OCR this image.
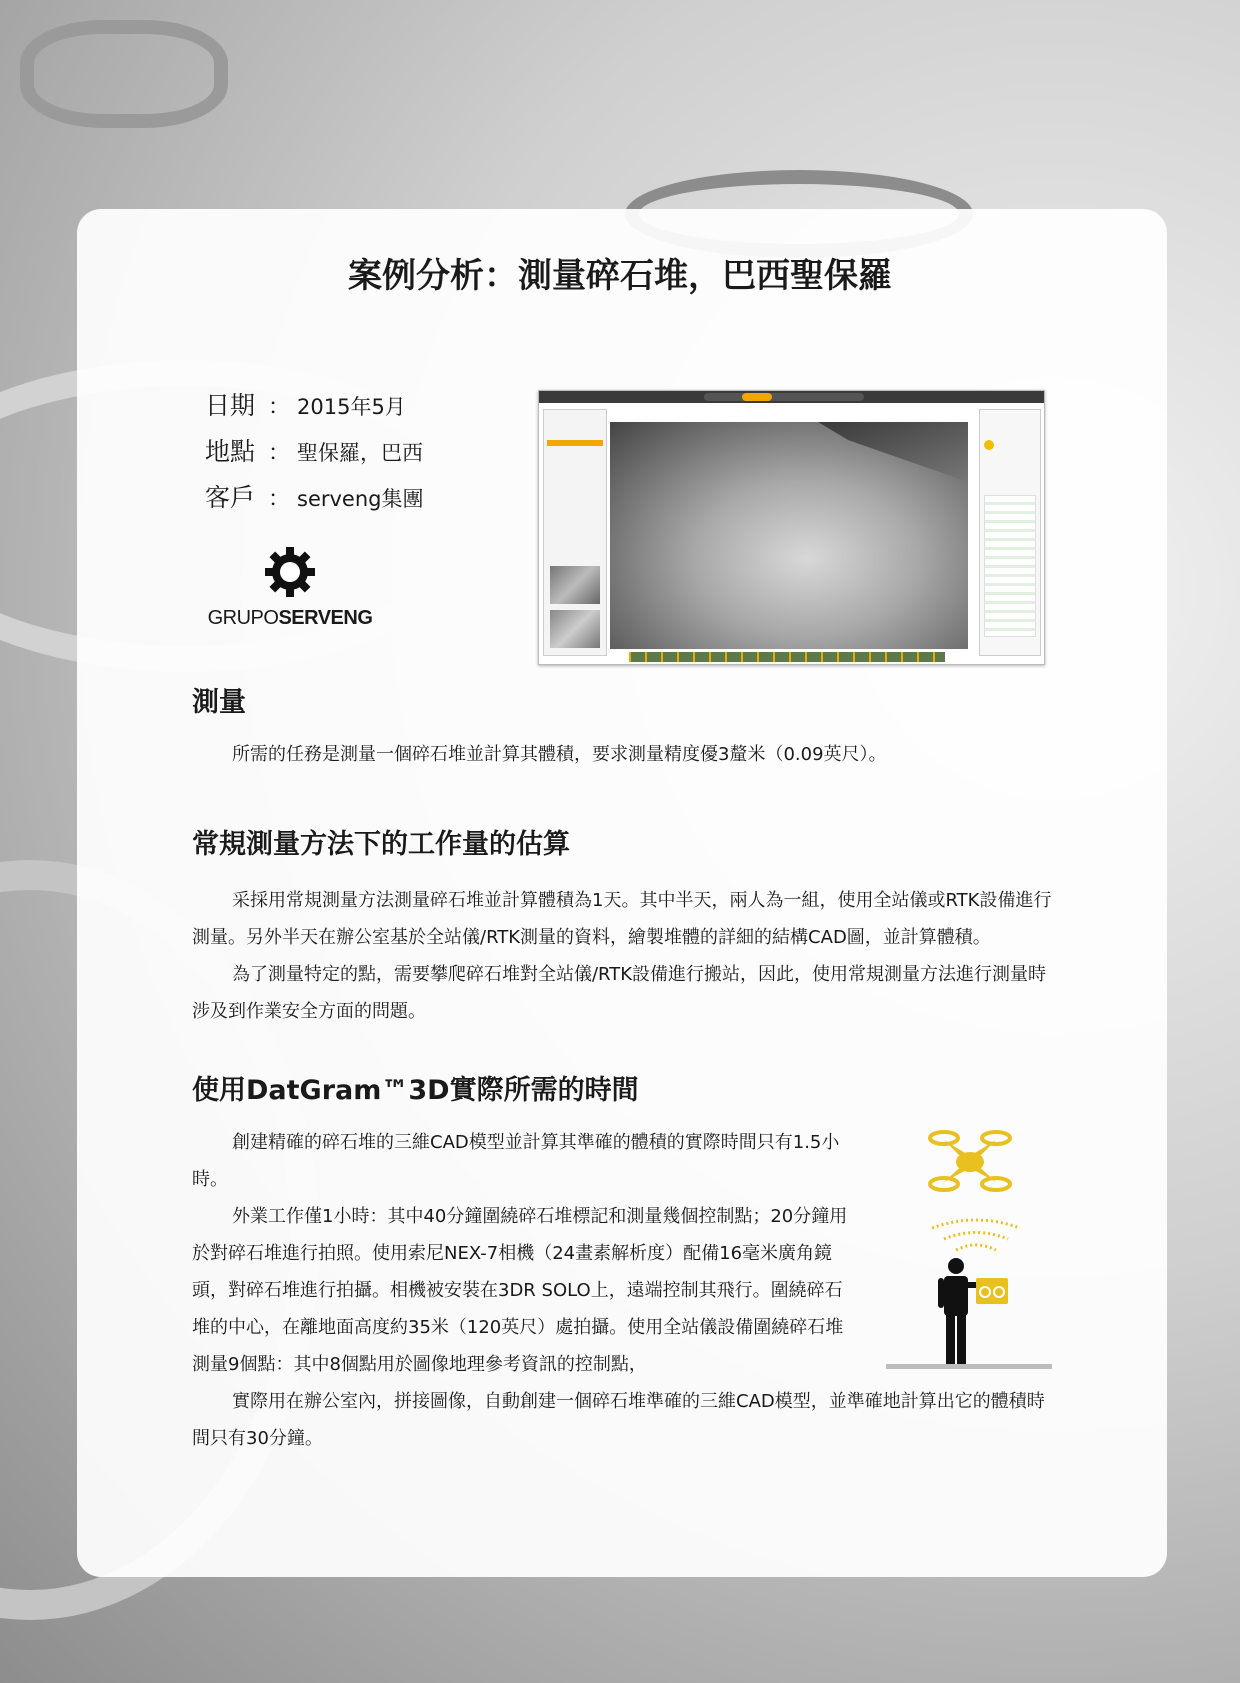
案例分析：測量碎石堆，巴西聖保羅
日期 ： 2015年5月
地點 ： 聖保羅，巴西
客戶 ： serveng集團
GRUPOSERVENG
測量

所需的任務是測量一個碎石堆並計算其體積，要求測量精度優3釐米（0.09英尺）。

常規測量方法下的工作量的估算

采採用常規測量方法測量碎石堆並計算體積為1天。其中半天，兩人為一組，使用全站儀或RTK設備進行測量。另外半天在辦公室基於全站儀/RTK測量的資料，繪製堆體的詳細的結構CAD圖，並計算體積。

為了測量特定的點，需要攀爬碎石堆對全站儀/RTK設備進行搬站，因此，使用常規測量方法進行測量時涉及到作業安全方面的問題。

使用DatGram™3D實際所需的時間

創建精確的碎石堆的三維CAD模型並計算其準確的體積的實際時間只有1.5小時。

外業工作僅1小時：其中40分鐘圍繞碎石堆標記和測量幾個控制點；20分鐘用於對碎石堆進行拍照。使用索尼NEX-7相機（24畫素解析度）配備16毫米廣角鏡頭，對碎石堆進行拍攝。相機被安裝在3DR SOLO上，遠端控制其飛行。圍繞碎石堆的中心，在離地面高度約35米（120英尺）處拍攝。使用全站儀設備圍繞碎石堆測量9個點：其中8個點用於圖像地理參考資訊的控制點，

實際用在辦公室內，拼接圖像，自動創建一個碎石堆準確的三維CAD模型，並準確地計算出它的體積時間只有30分鐘。
